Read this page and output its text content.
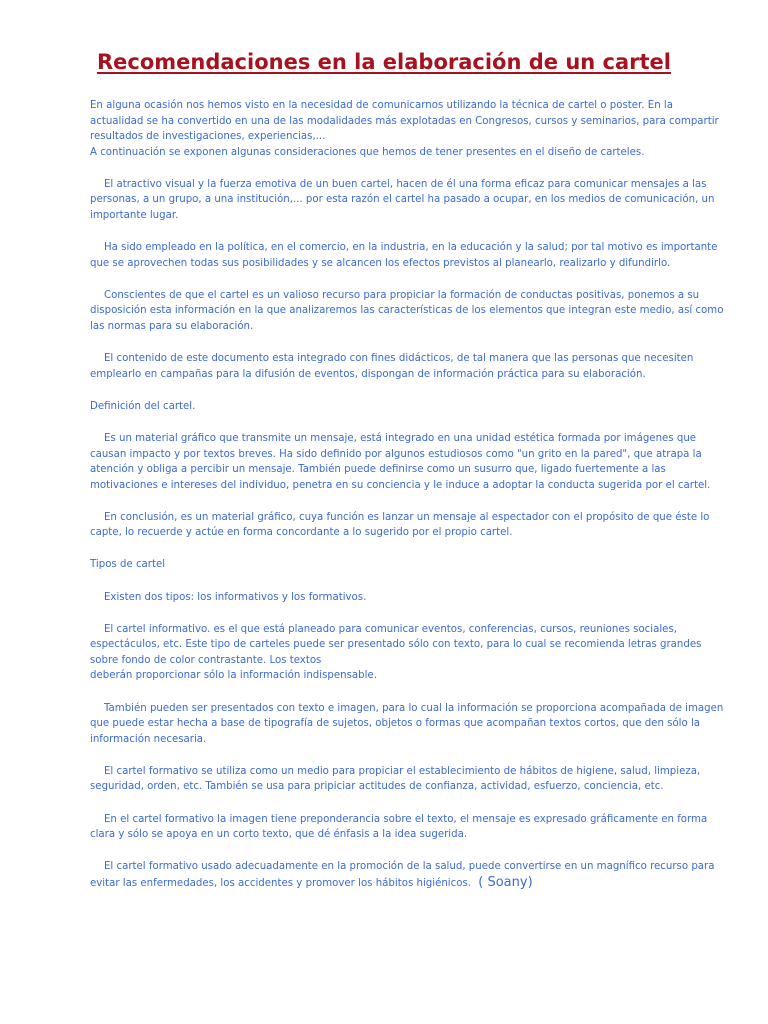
Recomendaciones en la elaboración de un cartel

En alguna ocasión nos hemos visto en la necesidad de comunicarnos utilizando la técnica de cartel o poster. En la actualidad se ha convertido en una de las modalidades más explotadas en Congresos, cursos y seminarios, para compartir resultados de investigaciones, experiencias,...
A continuación se exponen algunas consideraciones que hemos de tener presentes en el diseño de carteles.

El atractivo visual y la fuerza emotiva de un buen cartel, hacen de él una forma eficaz para comunicar mensajes a las personas, a un grupo, a una institución,... por esta razón el cartel ha pasado a ocupar, en los medios de comunicación, un importante lugar.

Ha sido empleado en la política, en el comercio, en la industria, en la educación y la salud; por tal motivo es importante que se aprovechen todas sus posibilidades y se alcancen los efectos previstos al planearlo, realizarlo y difundirlo.

Conscientes de que el cartel es un valioso recurso para propiciar la formación de conductas positivas, ponemos a su disposición esta información en la que analizaremos las características de los elementos que integran este medio, así como las normas para su elaboración.

El contenido de este documento esta integrado con fines didácticos, de tal manera que las personas que necesiten emplearlo en campañas para la difusión de eventos, dispongan de información práctica para su elaboración.

Definición del cartel.

Es un material gráfico que transmite un mensaje, está integrado en una unidad estética formada por imágenes que causan impacto y por textos breves. Ha sido definido por algunos estudiosos como "un grito en la pared", que atrapa la atención y obliga a percibir un mensaje. También puede definirse como un susurro que, ligado fuertemente a las motivaciones e intereses del individuo, penetra en su conciencia y le induce a adoptar la conducta sugerida por el cartel.

En conclusión, es un material gráfico, cuya función es lanzar un mensaje al espectador con el propósito de que éste lo capte, lo recuerde y actúe en forma concordante a lo sugerido por el propio cartel.

Tipos de cartel

Existen dos tipos: los informativos y los formativos.

El cartel informativo. es el que está planeado para comunicar eventos, conferencias, cursos, reuniones sociales, espectáculos, etc. Este tipo de carteles puede ser presentado sólo con texto, para lo cual se recomienda letras grandes sobre fondo de color contrastante. Los textos
deberán proporcionar sólo la información indispensable.

También pueden ser presentados con texto e imagen, para lo cual la información se proporciona acompañada de imagen que puede estar hecha a base de tipografía de sujetos, objetos o formas que acompañan textos cortos, que den sólo la información necesaria.

El cartel formativo se utiliza como un medio para propiciar el establecimiento de hábitos de higiene, salud, limpieza, seguridad, orden, etc. También se usa para pripiciar actitudes de confianza, actividad, esfuerzo, conciencia, etc.

En el cartel formativo la imagen tiene preponderancia sobre el texto, el mensaje es expresado gráficamente en forma clara y sólo se apoya en un corto texto, que dé énfasis a la idea sugerida.

El cartel formativo usado adecuadamente en la promoción de la salud, puede convertirse en un magnífico recurso para evitar las enfermedades, los accidentes y promover los hábitos higiénicos. ( Soany)
